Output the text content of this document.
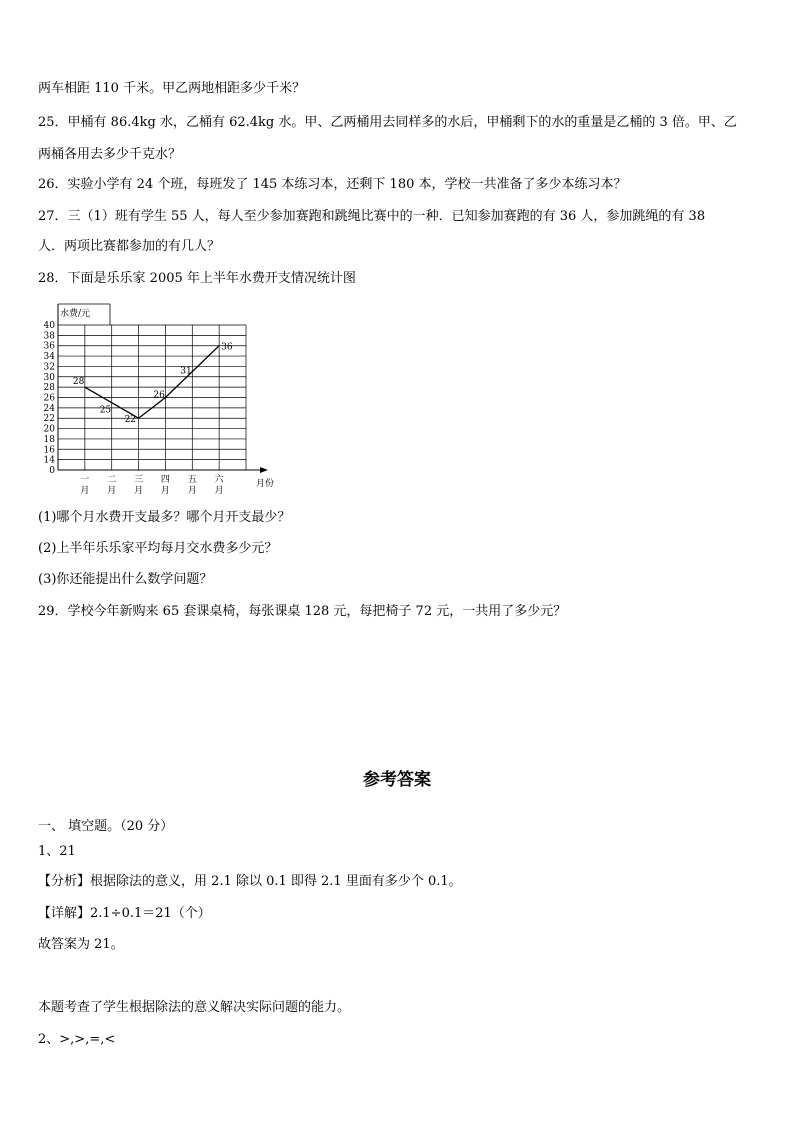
两车相距 110 千米。甲乙两地相距多少千米？
25．甲桶有 86.4kg 水，乙桶有 62.4kg 水。甲、乙两桶用去同样多的水后，甲桶剩下的水的重量是乙桶的 3 倍。甲、乙
两桶各用去多少千克水？
26．实验小学有 24 个班，每班发了 145 本练习本，还剩下 180 本，学校一共准备了多少本练习本？
27．三（1）班有学生 55 人，每人至少参加赛跑和跳绳比赛中的一种．已知参加赛跑的有 36 人，参加跳绳的有 38
人．两项比赛都参加的有几人？
28．下面是乐乐家 2005 年上半年水费开支情况统计图
0
14
16
18
20
22
24
26
28
30
32
34
36
38
40
水费/元
月份
一
月
二
月
三
月
四
月
五
月
六
月
28
25
22
26
31
36
(1)哪个月水费开支最多？哪个月开支最少？
(2)上半年乐乐家平均每月交水费多少元？
(3)你还能提出什么数学问题？
29．学校今年新购来 65 套课桌椅，每张课桌 128 元，每把椅子 72 元，一共用了多少元？
参考答案
一、 填空题。（20 分）
1、21
【分析】根据除法的意义，用 2.1 除以 0.1 即得 2.1 里面有多少个 0.1。
【详解】2.1÷0.1＝21（个）
故答案为 21。
本题考查了学生根据除法的意义解决实际问题的能力。
2、>,>,=,<
